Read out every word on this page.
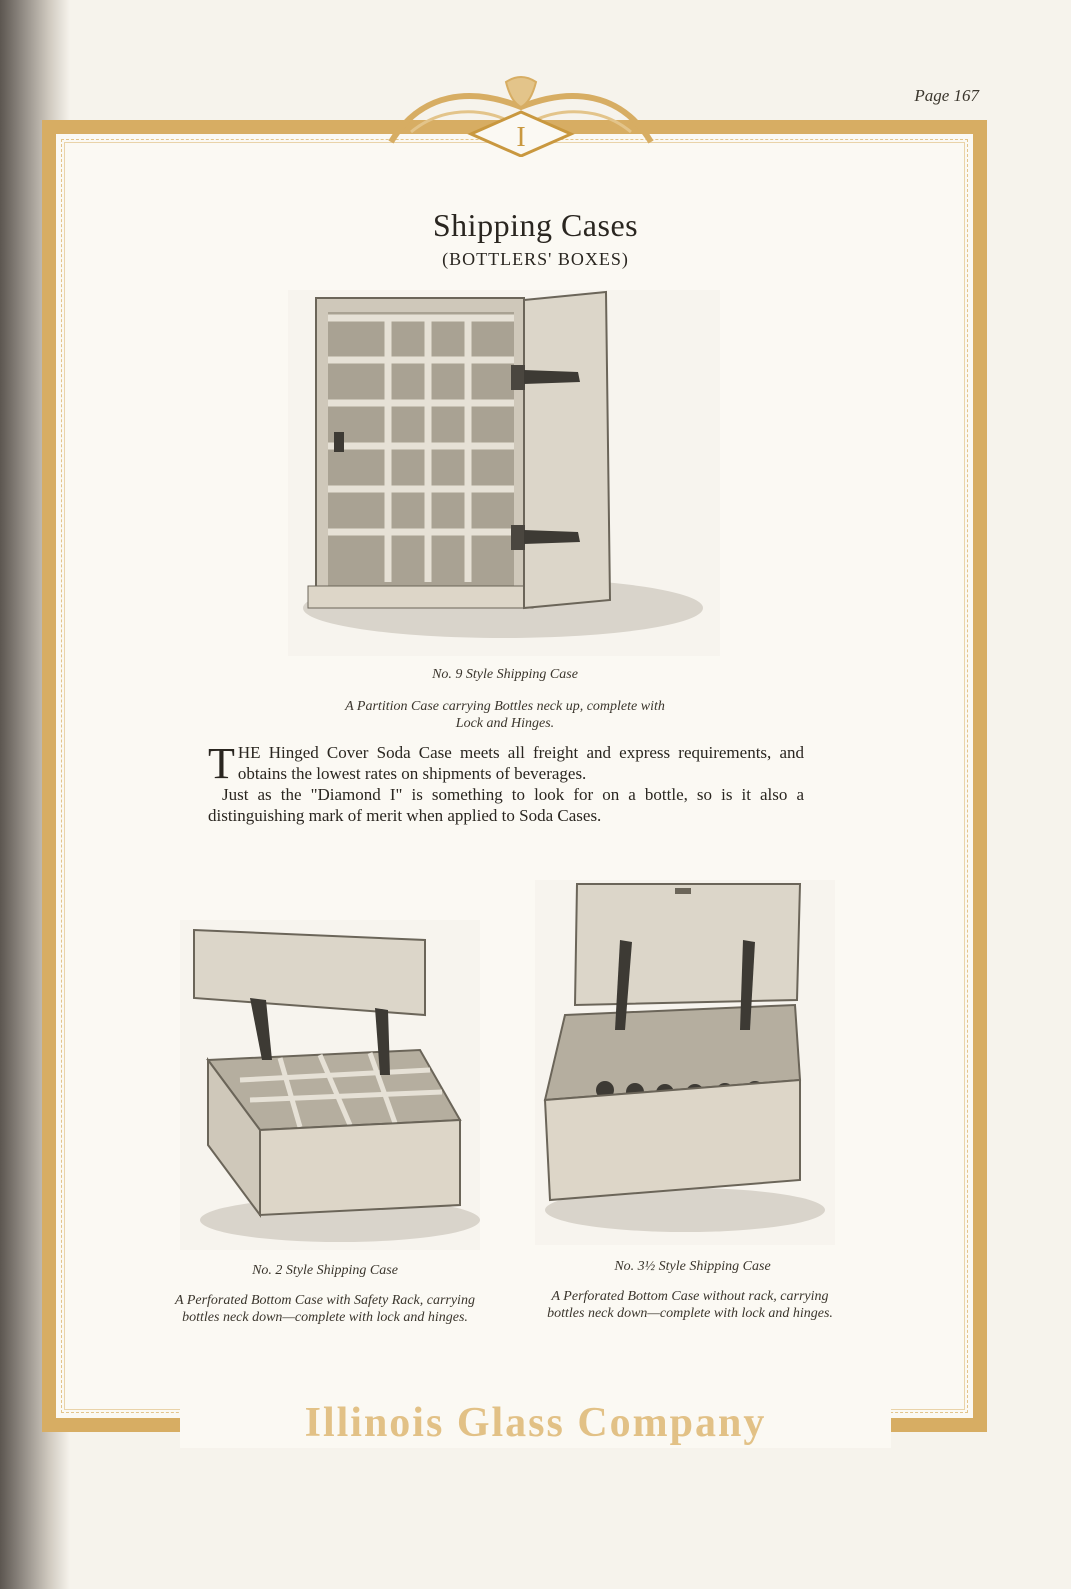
Page 167
I
Shipping Cases
(BOTTLERS' BOXES)
No. 9 Style Shipping Case
A Partition Case carrying Bottles neck up, complete with Lock and Hinges.

THE Hinged Cover Soda Case meets all freight and express requirements, and obtains the lowest rates on shipments of beverages.

Just as the "Diamond I" is something to look for on a bottle, so is it also a distinguishing mark of merit when applied to Soda Cases.

No. 2 Style Shipping Case
A Perforated Bottom Case with Safety Rack, carrying bottles neck down—complete with lock and hinges.
No. 3½ Style Shipping Case
A Perforated Bottom Case without rack, carrying bottles neck down—complete with lock and hinges.
Illinois Glass Company
